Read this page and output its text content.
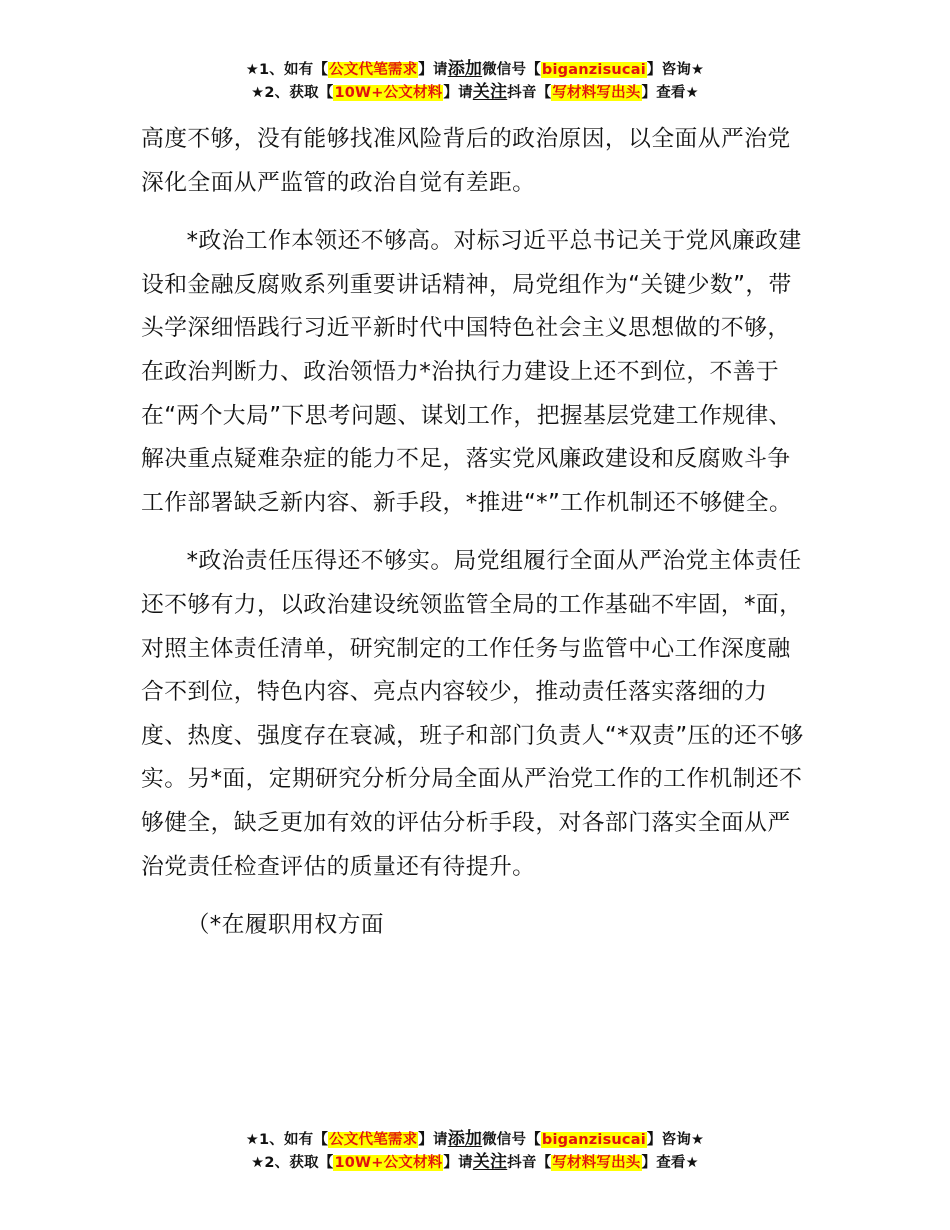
★1、如有【公文代笔需求】请添加微信号【biganzisucai】咨询★
★2、获取【10W+公文材料】请关注抖音【写材料写出头】查看★

高度不够，没有能够找准风险背后的政治原因，以全面从严治党深化全面从严监管的政治自觉有差距。

*政治工作本领还不够高。对标习近平总书记关于党风廉政建设和金融反腐败系列重要讲话精神，局党组作为“关键少数”，带头学深细悟践行习近平新时代中国特色社会主义思想做的不够，在政治判断力、政治领悟力*治执行力建设上还不到位，不善于在“两个大局”下思考问题、谋划工作，把握基层党建工作规律、解决重点疑难杂症的能力不足，落实党风廉政建设和反腐败斗争工作部署缺乏新内容、新手段，*推进“*”工作机制还不够健全。

*政治责任压得还不够实。局党组履行全面从严治党主体责任还不够有力，以政治建设统领监管全局的工作基础不牢固，*面，对照主体责任清单，研究制定的工作任务与监管中心工作深度融合不到位，特色内容、亮点内容较少，推动责任落实落细的力度、热度、强度存在衰减，班子和部门负责人“*双责”压的还不够实。另*面，定期研究分析分局全面从严治党工作的工作机制还不够健全，缺乏更加有效的评估分析手段，对各部门落实全面从严治党责任检查评估的质量还有待提升。

（*在履职用权方面

★1、如有【公文代笔需求】请添加微信号【biganzisucai】咨询★
★2、获取【10W+公文材料】请关注抖音【写材料写出头】查看★
